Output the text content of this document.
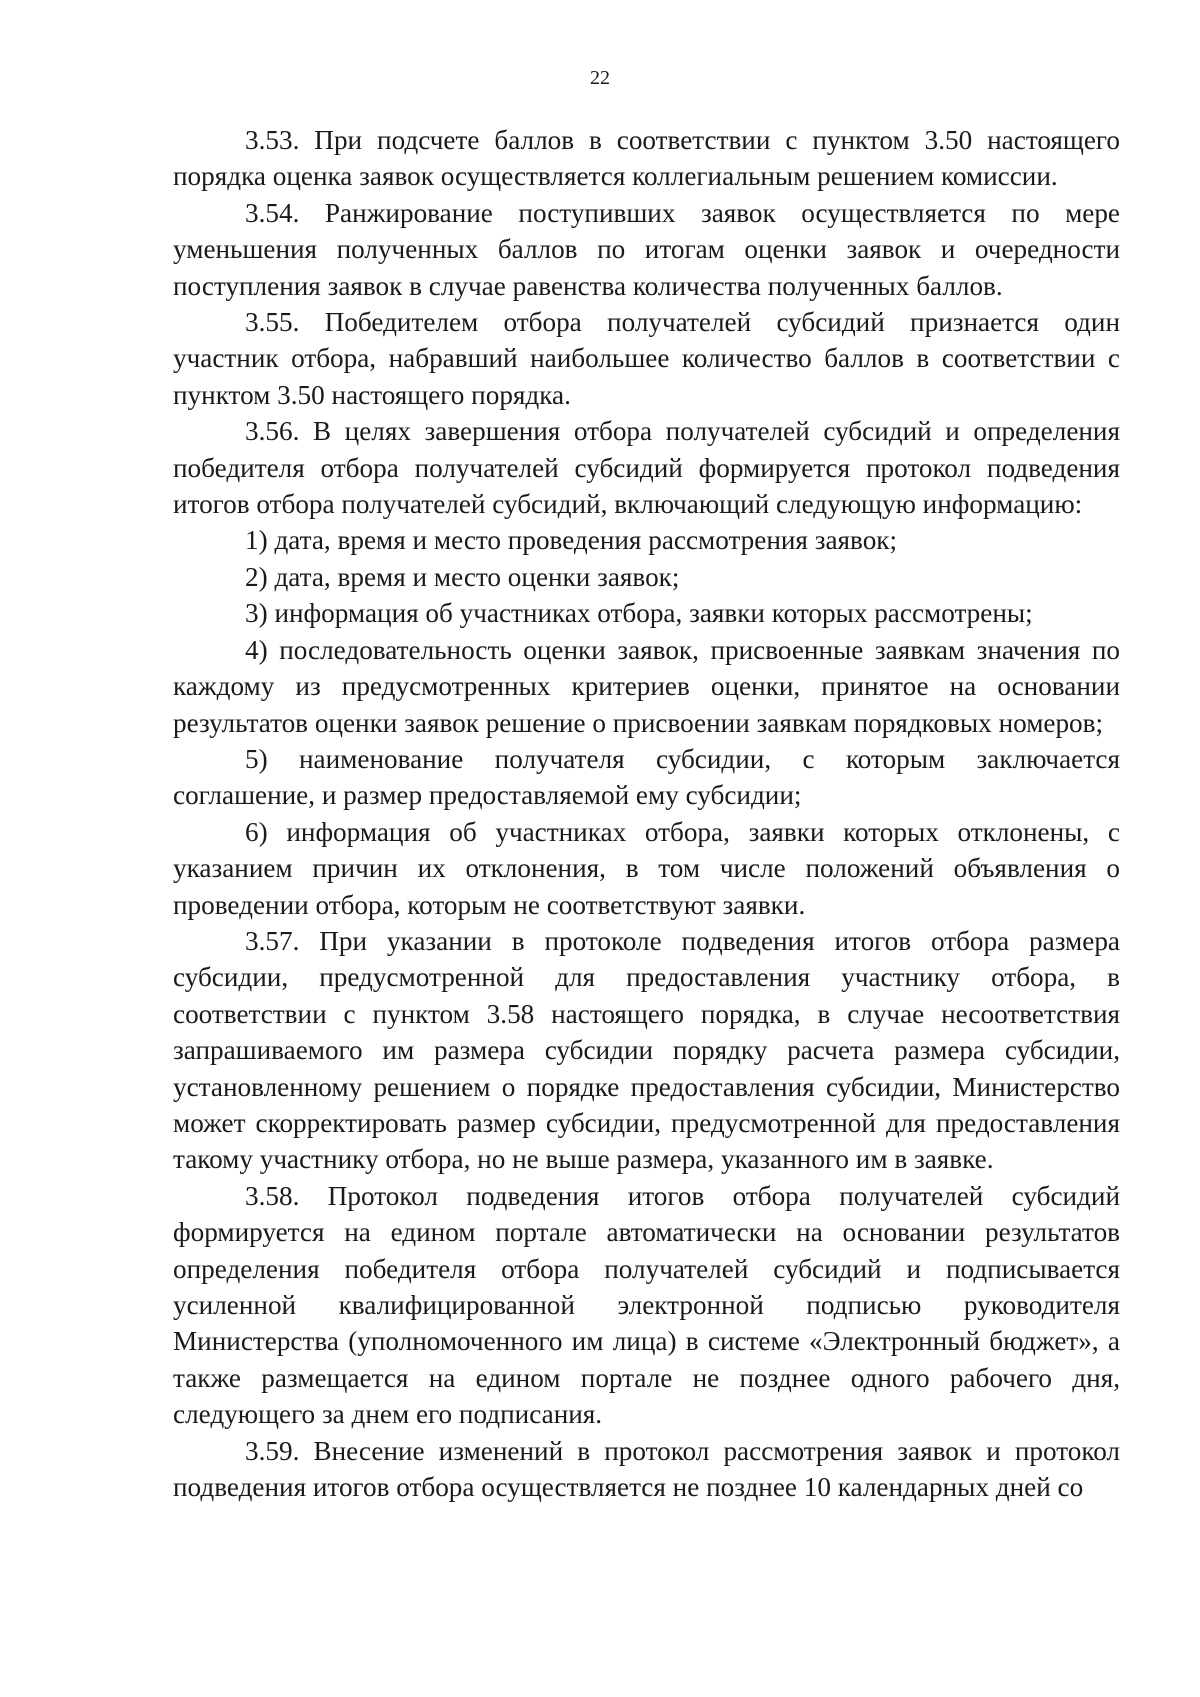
22

3.53. При подсчете баллов в соответствии с пунктом 3.50 настоящего порядка оценка заявок осуществляется коллегиальным решением комиссии.

3.54. Ранжирование поступивших заявок осуществляется по мере уменьшения полученных баллов по итогам оценки заявок и очередности поступления заявок в случае равенства количества полученных баллов.

3.55. Победителем отбора получателей субсидий признается один участник отбора, набравший наибольшее количество баллов в соответствии с пунктом 3.50 настоящего порядка.

3.56. В целях завершения отбора получателей субсидий и определения победителя отбора получателей субсидий формируется протокол подведения итогов отбора получателей субсидий, включающий следующую информацию:

1) дата, время и место проведения рассмотрения заявок;

2) дата, время и место оценки заявок;

3) информация об участниках отбора, заявки которых рассмотрены;

4) последовательность оценки заявок, присвоенные заявкам значения по каждому из предусмотренных критериев оценки, принятое на основании результатов оценки заявок решение о присвоении заявкам порядковых номеров;

5) наименование получателя субсидии, с которым заключается соглашение, и размер предоставляемой ему субсидии;

6) информация об участниках отбора, заявки которых отклонены, с указанием причин их отклонения, в том числе положений объявления о проведении отбора, которым не соответствуют заявки.

3.57. При указании в протоколе подведения итогов отбора размера субсидии, предусмотренной для предоставления участнику отбора, в соответствии с пунктом 3.58 настоящего порядка, в случае несоответствия запрашиваемого им размера субсидии порядку расчета размера субсидии, установленному решением о порядке предоставления субсидии, Министерство может скорректировать размер субсидии, предусмотренной для предоставления такому участнику отбора, но не выше размера, указанного им в заявке.

3.58. Протокол подведения итогов отбора получателей субсидий формируется на едином портале автоматически на основании результатов определения победителя отбора получателей субсидий и подписывается усиленной квалифицированной электронной подписью руководителя Министерства (уполномоченного им лица) в системе «Электронный бюджет», а также размещается на едином портале не позднее одного рабочего дня, следующего за днем его подписания.

3.59. Внесение изменений в протокол рассмотрения заявок и протокол подведения итогов отбора осуществляется не позднее 10 календарных дней со
